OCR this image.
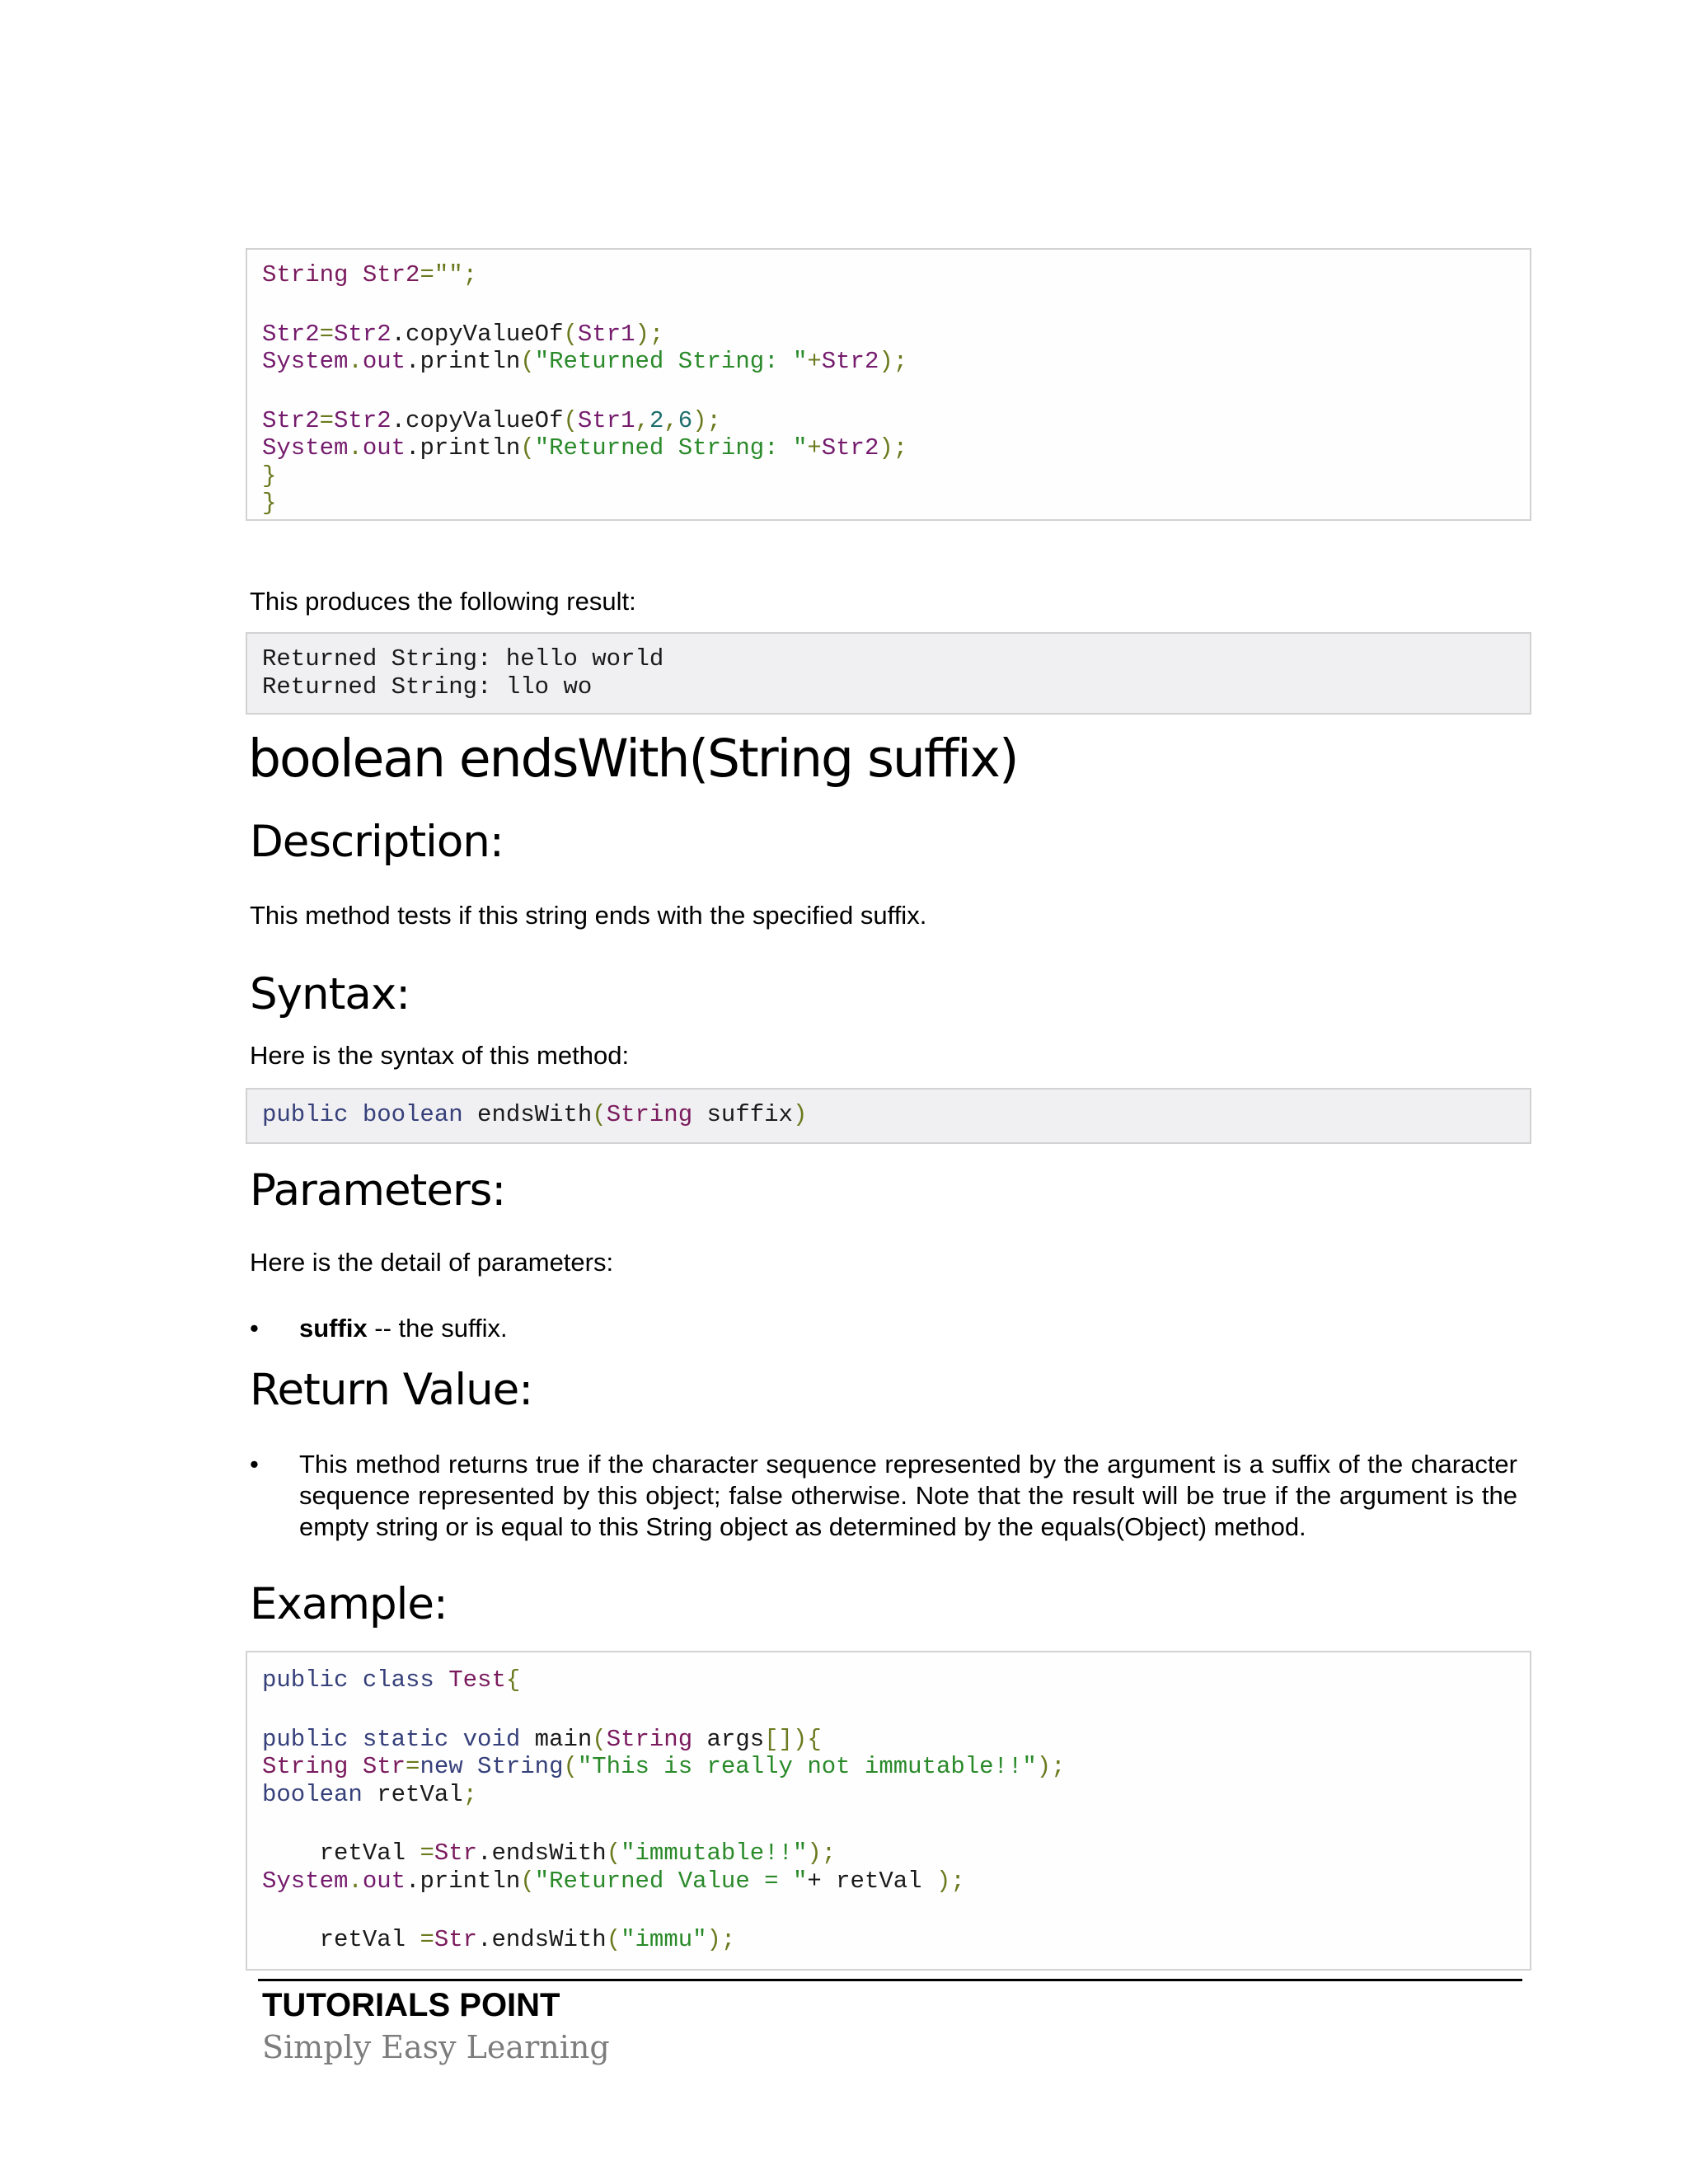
String Str2="";
Str2=Str2.copyValueOf(Str1);
System.out.println("Returned String: "+Str2);
Str2=Str2.copyValueOf(Str1,2,6);
System.out.println("Returned String: "+Str2);
}
}
This produces the following result:
Returned String: hello world
Returned String: llo wo
boolean endsWith(String suffix)
Description:
This method tests if this string ends with the specified suffix.
Syntax:
Here is the syntax of this method:
public boolean endsWith(String suffix)
Parameters:
Here is the detail of parameters:
• suffix -- the suffix.
Return Value:
• This method returns true if the character sequence represented by the argument is a suffix of the character sequence represented by this object; false otherwise. Note that the result will be true if the argument is the empty string or is equal to this String object as determined by the equals(Object) method.
Example:
public class Test{
public static void main(String args[]){
String Str=new String("This is really not immutable!!");
boolean retVal;
retVal =Str.endsWith("immutable!!");
System.out.println("Returned Value = "+ retVal );
retVal =Str.endsWith("immu");
TUTORIALS POINT
Simply Easy Learning
